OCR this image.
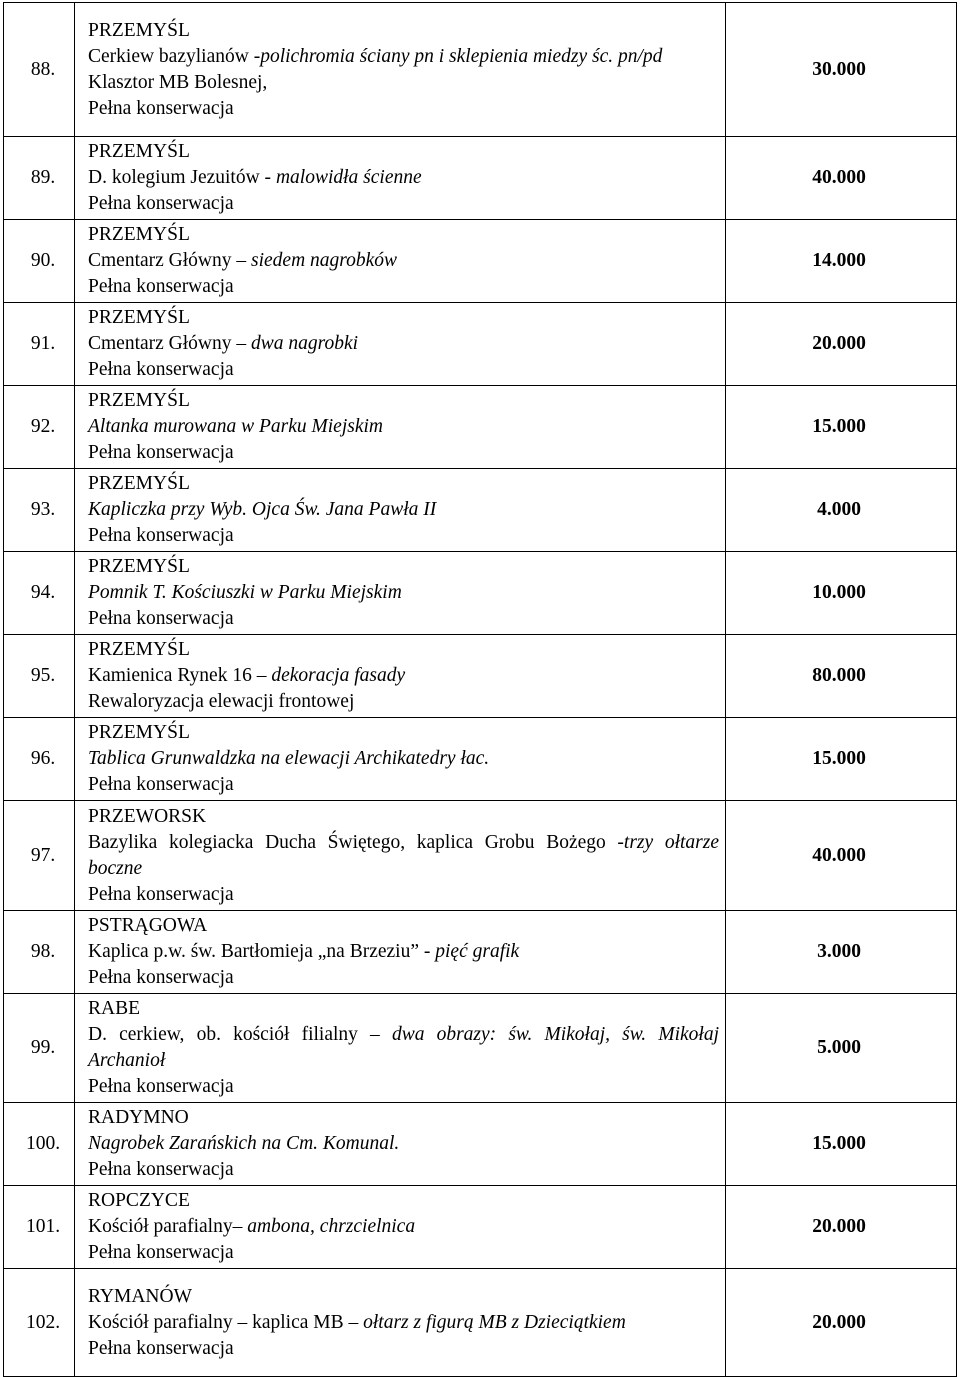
88.	PRZEMYŚL
Cerkiew bazylianów -polichromia ściany pn i sklepienia miedzy śc. pn/pd
Klasztor MB Bolesnej,
Pełna konserwacja	30.000
89.	PRZEMYŚL
D. kolegium Jezuitów - malowidła ścienne
Pełna konserwacja	40.000
90.	PRZEMYŚL
Cmentarz Główny – siedem nagrobków
Pełna konserwacja	14.000
91.	PRZEMYŚL
Cmentarz Główny – dwa nagrobki
Pełna konserwacja	20.000
92.	PRZEMYŚL
Altanka murowana w Parku Miejskim
Pełna konserwacja	15.000
93.	PRZEMYŚL
Kapliczka przy Wyb. Ojca Św. Jana Pawła II
Pełna konserwacja	4.000
94.	PRZEMYŚL
Pomnik T. Kościuszki w Parku Miejskim
Pełna konserwacja	10.000
95.	PRZEMYŚL
Kamienica Rynek 16 – dekoracja fasady
Rewaloryzacja elewacji frontowej	80.000
96.	PRZEMYŚL
Tablica Grunwaldzka na elewacji Archikatedry łac.
Pełna konserwacja	15.000
97.	PRZEWORSK
Bazylika kolegiacka Ducha Świętego, kaplica Grobu Bożego -trzy ołtarze boczne
Pełna konserwacja	40.000
98.	PSTRĄGOWA
Kaplica p.w. św. Bartłomieja „na Brzeziu” - pięć grafik
Pełna konserwacja	3.000
99.	RABE
D. cerkiew, ob. kościół filialny – dwa obrazy: św. Mikołaj, św. Mikołaj Archanioł
Pełna konserwacja	5.000
100.	RADYMNO
Nagrobek Zarańskich na Cm. Komunal.
Pełna konserwacja	15.000
101.	ROPCZYCE
Kościół parafialny– ambona, chrzcielnica
Pełna konserwacja	20.000
102.	RYMANÓW
Kościół parafialny – kaplica MB – ołtarz z figurą MB z Dzieciątkiem
Pełna konserwacja	20.000
